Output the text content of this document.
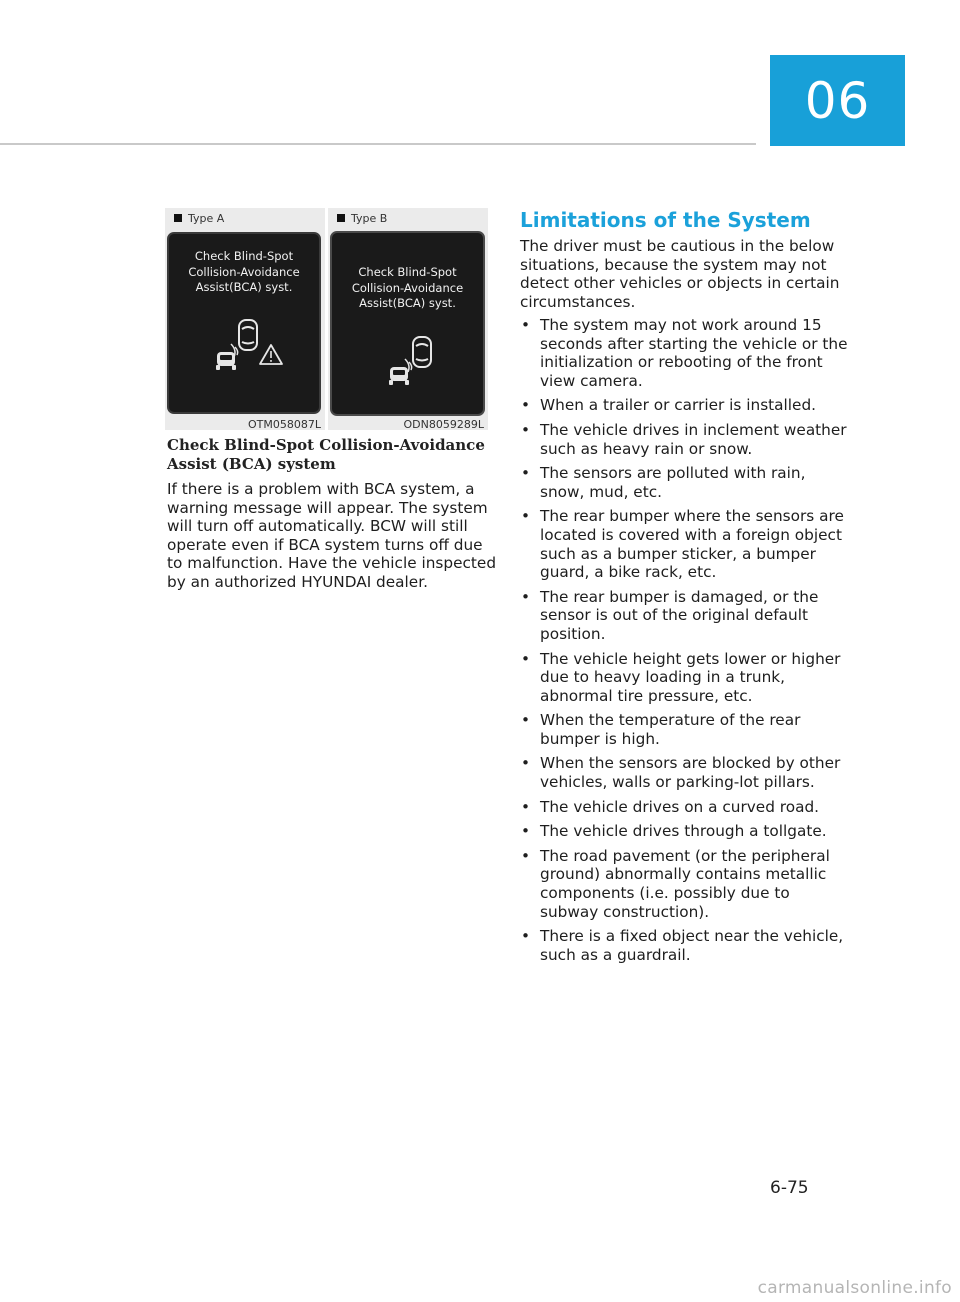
06
Type A
Check Blind-Spot
Collision-Avoidance
Assist(BCA) syst.
OTM058087L
Type B
Check Blind-Spot
Collision-Avoidance
Assist(BCA) syst.
ODN8059289L
Check Blind-Spot Collision-Avoidance Assist (BCA) system
If there is a problem with BCA system, a warning message will appear. The system will turn off automatically. BCW will still operate even if BCA system turns off due to malfunction. Have the vehicle inspected by an authorized HYUNDAI dealer.
Limitations of the System
The driver must be cautious in the below situations, because the system may not detect other vehicles or objects in certain circumstances.
• The system may not work around 15 seconds after starting the vehicle or the initialization or rebooting of the front view camera.
• When a trailer or carrier is installed.
• The vehicle drives in inclement weather such as heavy rain or snow.
• The sensors are polluted with rain, snow, mud, etc.
• The rear bumper where the sensors are located is covered with a foreign object such as a bumper sticker, a bumper guard, a bike rack, etc.
• The rear bumper is damaged, or the sensor is out of the original default position.
• The vehicle height gets lower or higher due to heavy loading in a trunk, abnormal tire pressure, etc.
• When the temperature of the rear bumper is high.
• When the sensors are blocked by other vehicles, walls or parking-lot pillars.
• The vehicle drives on a curved road.
• The vehicle drives through a tollgate.
• The road pavement (or the peripheral ground) abnormally contains metallic components (i.e. possibly due to subway construction).
• There is a fixed object near the vehicle, such as a guardrail.
6-75
carmanualsonline.info
